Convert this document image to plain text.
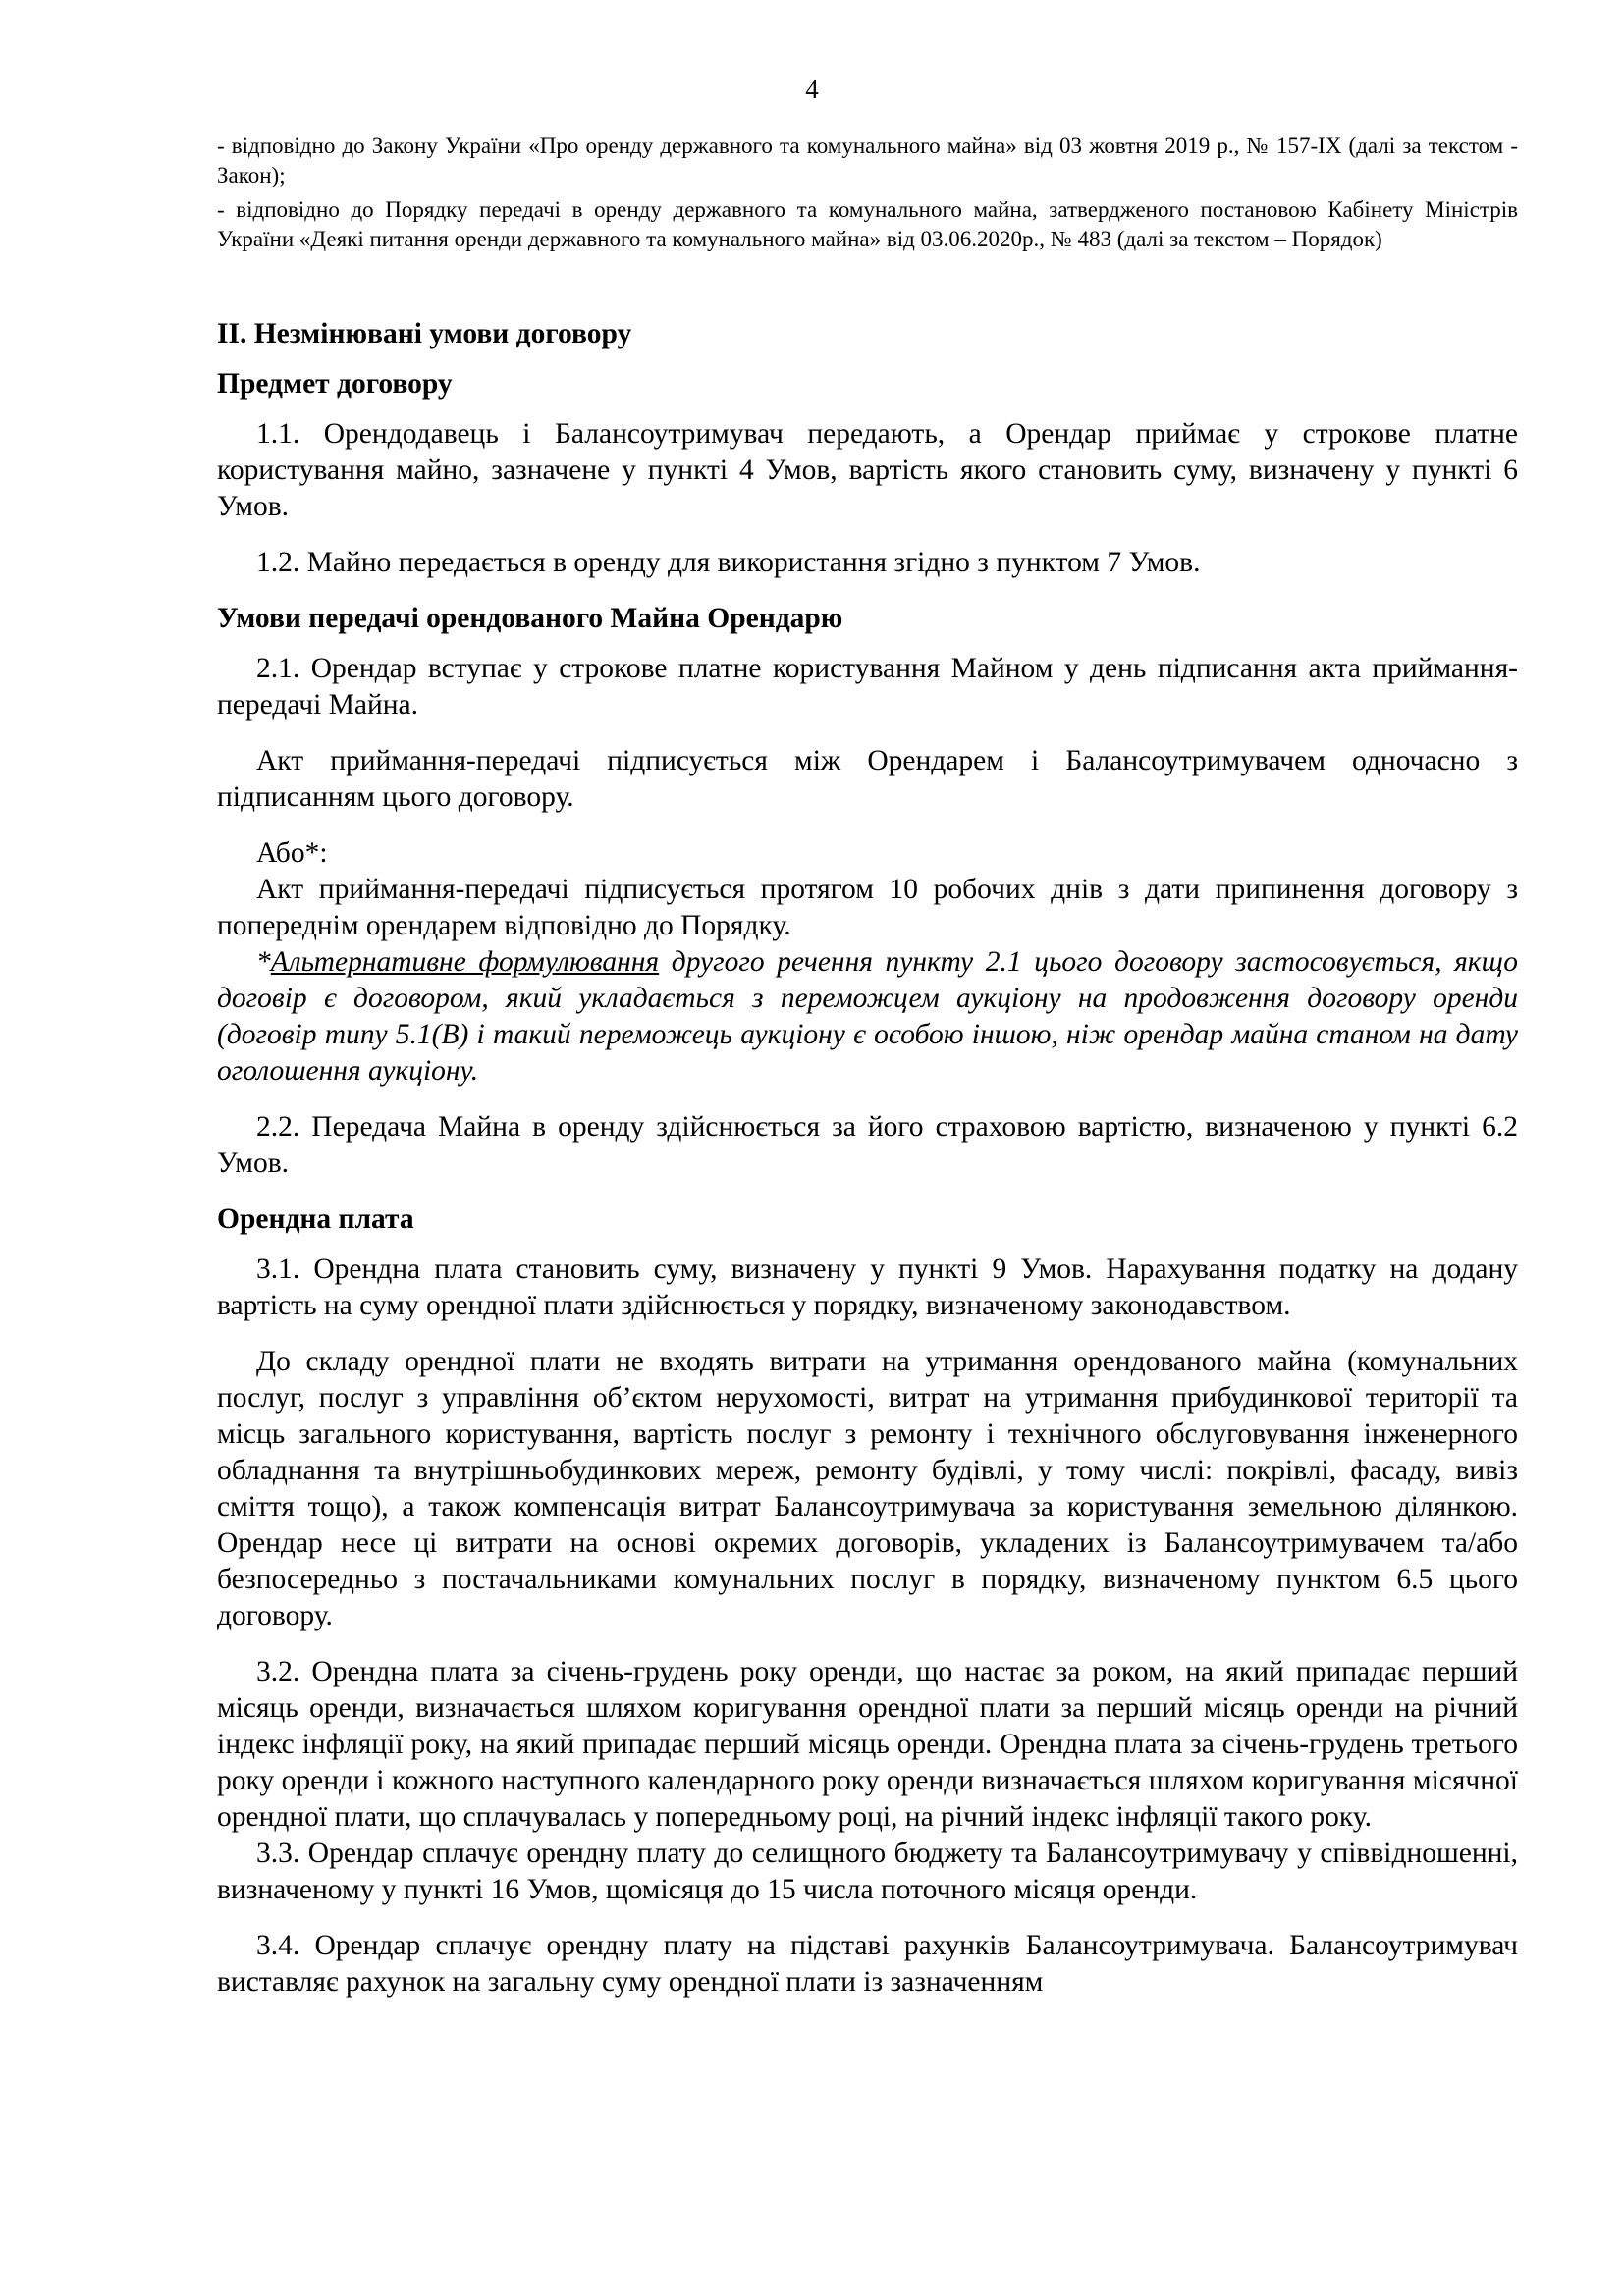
4

- відповідно до Закону України «Про оренду державного та комунального майна» від 03 жовтня 2019 р., № 157-IX (далі за текстом - Закон);

- відповідно до Порядку передачі в оренду державного та комунального майна, затвердженого постановою Кабінету Міністрів України «Деякі питання оренди державного та комунального майна» від 03.06.2020р., № 483 (далі за текстом – Порядок)

ІІ. Незмінювані умови договору

Предмет договору

1.1. Орендодавець і Балансоутримувач передають, а Орендар приймає у строкове платне користування майно, зазначене у пункті 4 Умов, вартість якого становить суму, визначену у пункті 6 Умов.

1.2. Майно передається в оренду для використання згідно з пунктом 7 Умов.

Умови передачі орендованого Майна Орендарю

2.1. Орендар вступає у строкове платне користування Майном у день підписання акта приймання-передачі Майна.

Акт приймання-передачі підписується між Орендарем і Балансоутримувачем одночасно з підписанням цього договору.

Або*:

Акт приймання-передачі підписується протягом 10 робочих днів з дати припинення договору з попереднім орендарем відповідно до Порядку.

*Альтернативне формулювання другого речення пункту 2.1 цього договору застосовується, якщо договір є договором, який укладається з переможцем аукціону на продовження договору оренди (договір типу 5.1(В) і такий переможець аукціону є особою іншою, ніж орендар майна станом на дату оголошення аукціону.

2.2. Передача Майна в оренду здійснюється за його страховою вартістю, визначеною у пункті 6.2 Умов.

Орендна плата

3.1. Орендна плата становить суму, визначену у пункті 9 Умов. Нарахування податку на додану вартість на суму орендної плати здійснюється у порядку, визначеному законодавством.

До складу орендної плати не входять витрати на утримання орендованого майна (комунальних послуг, послуг з управління об’єктом нерухомості, витрат на утримання прибудинкової території та місць загального користування, вартість послуг з ремонту і технічного обслуговування інженерного обладнання та внутрішньобудинкових мереж, ремонту будівлі, у тому числі: покрівлі, фасаду, вивіз сміття тощо), а також компенсація витрат Балансоутримувача за користування земельною ділянкою. Орендар несе ці витрати на основі окремих договорів, укладених із Балансоутримувачем та/або безпосередньо з постачальниками комунальних послуг в порядку, визначеному пунктом 6.5 цього договору.

3.2. Орендна плата за січень-грудень року оренди, що настає за роком, на який припадає перший місяць оренди, визначається шляхом коригування орендної плати за перший місяць оренди на річний індекс інфляції року, на який припадає перший місяць оренди. Орендна плата за січень-грудень третього року оренди і кожного наступного календарного року оренди визначається шляхом коригування місячної орендної плати, що сплачувалась у попередньому році, на річний індекс інфляції такого року.

3.3. Орендар сплачує орендну плату до селищного бюджету та Балансоутримувачу у співвідношенні, визначеному у пункті 16 Умов, щомісяця до 15 числа поточного місяця оренди.

3.4. Орендар сплачує орендну плату на підставі рахунків Балансоутримувача. Балансоутримувач виставляє рахунок на загальну суму орендної плати із зазначенням
